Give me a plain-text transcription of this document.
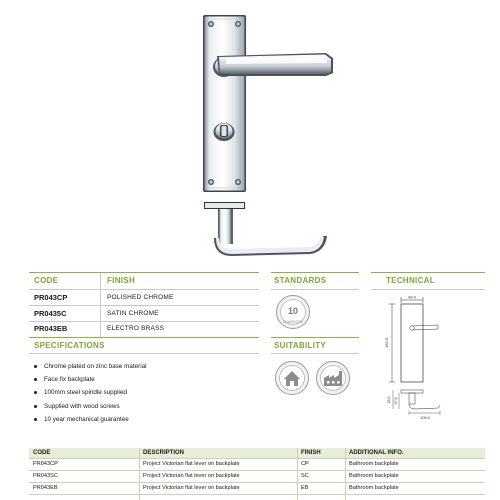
CODE	FINISH
PR043CP	POLISHED CHROME
PR0435C	SATIN CHROME
PR043EB	ELECTRO BRASS
SPECIFICATIONS
Chrome plated on zinc base material
Face fix backplate
100mm steel spindle supplied
Supplied with wood screws
10 year mechanical guarantee
STANDARDS
10
GUARANTEE
SUITABILITY
TECHNICAL
40.0
150.0
25.0 57.0
100.0
CODE	DESCRIPTION	FINISH	ADDITIONAL INFO.
PR043CP	Project Victorian flat lever on backplate	CP	Bathroom backplate
PR043SC	Project Victorian flat lever on backplate	SC	Bathroom backplate
PR043EB	Project Victorian flat lever on backplate	EB	Bathroom backplate
